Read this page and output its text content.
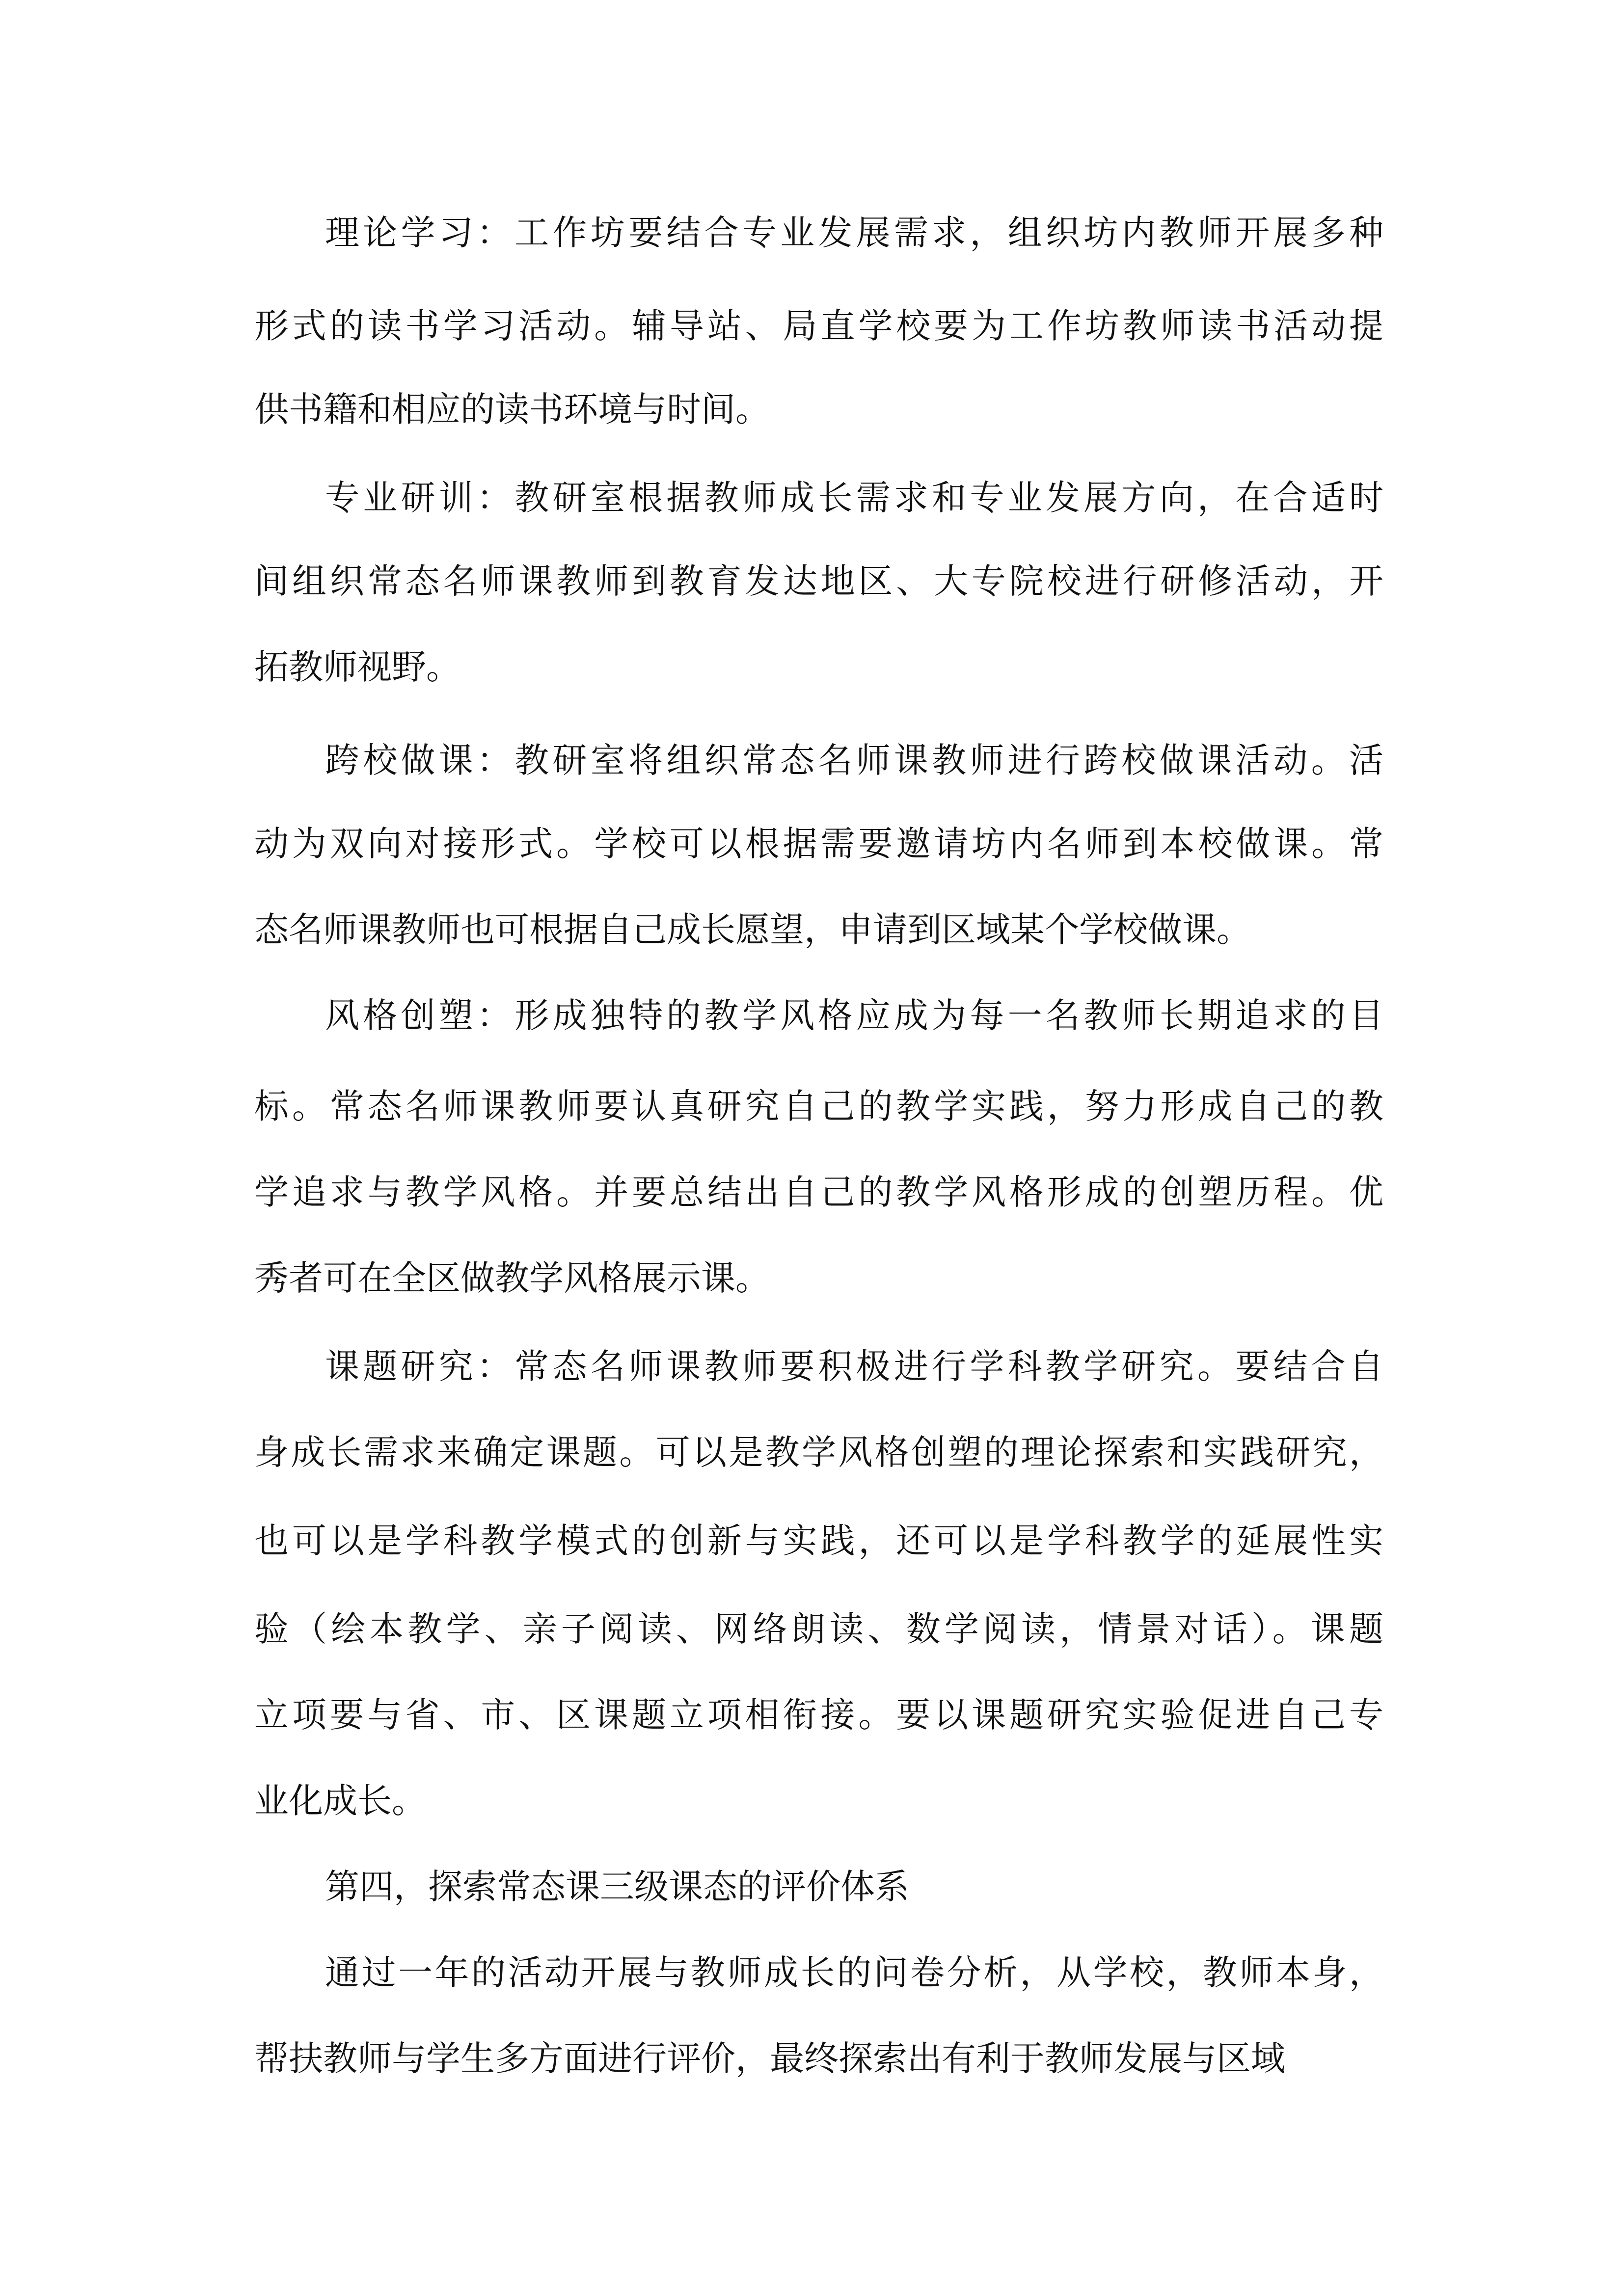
理论学习：工作坊要结合专业发展需求，组织坊内教师开展多种
形式的读书学习活动。辅导站、局直学校要为工作坊教师读书活动提
供书籍和相应的读书环境与时间。
专业研训：教研室根据教师成长需求和专业发展方向，在合适时
间组织常态名师课教师到教育发达地区、大专院校进行研修活动，开
拓教师视野。
跨校做课：教研室将组织常态名师课教师进行跨校做课活动。活
动为双向对接形式。学校可以根据需要邀请坊内名师到本校做课。常
态名师课教师也可根据自己成长愿望，申请到区域某个学校做课。
风格创塑：形成独特的教学风格应成为每一名教师长期追求的目
标。常态名师课教师要认真研究自己的教学实践，努力形成自己的教
学追求与教学风格。并要总结出自己的教学风格形成的创塑历程。优
秀者可在全区做教学风格展示课。
课题研究：常态名师课教师要积极进行学科教学研究。要结合自
身成长需求来确定课题。可以是教学风格创塑的理论探索和实践研究，
也可以是学科教学模式的创新与实践，还可以是学科教学的延展性实
验（绘本教学、亲子阅读、网络朗读、数学阅读，情景对话）。课题
立项要与省、市、区课题立项相衔接。要以课题研究实验促进自己专
业化成长。
第四，探索常态课三级课态的评价体系
通过一年的活动开展与教师成长的问卷分析，从学校，教师本身，
帮扶教师与学生多方面进行评价，最终探索出有利于教师发展与区域
